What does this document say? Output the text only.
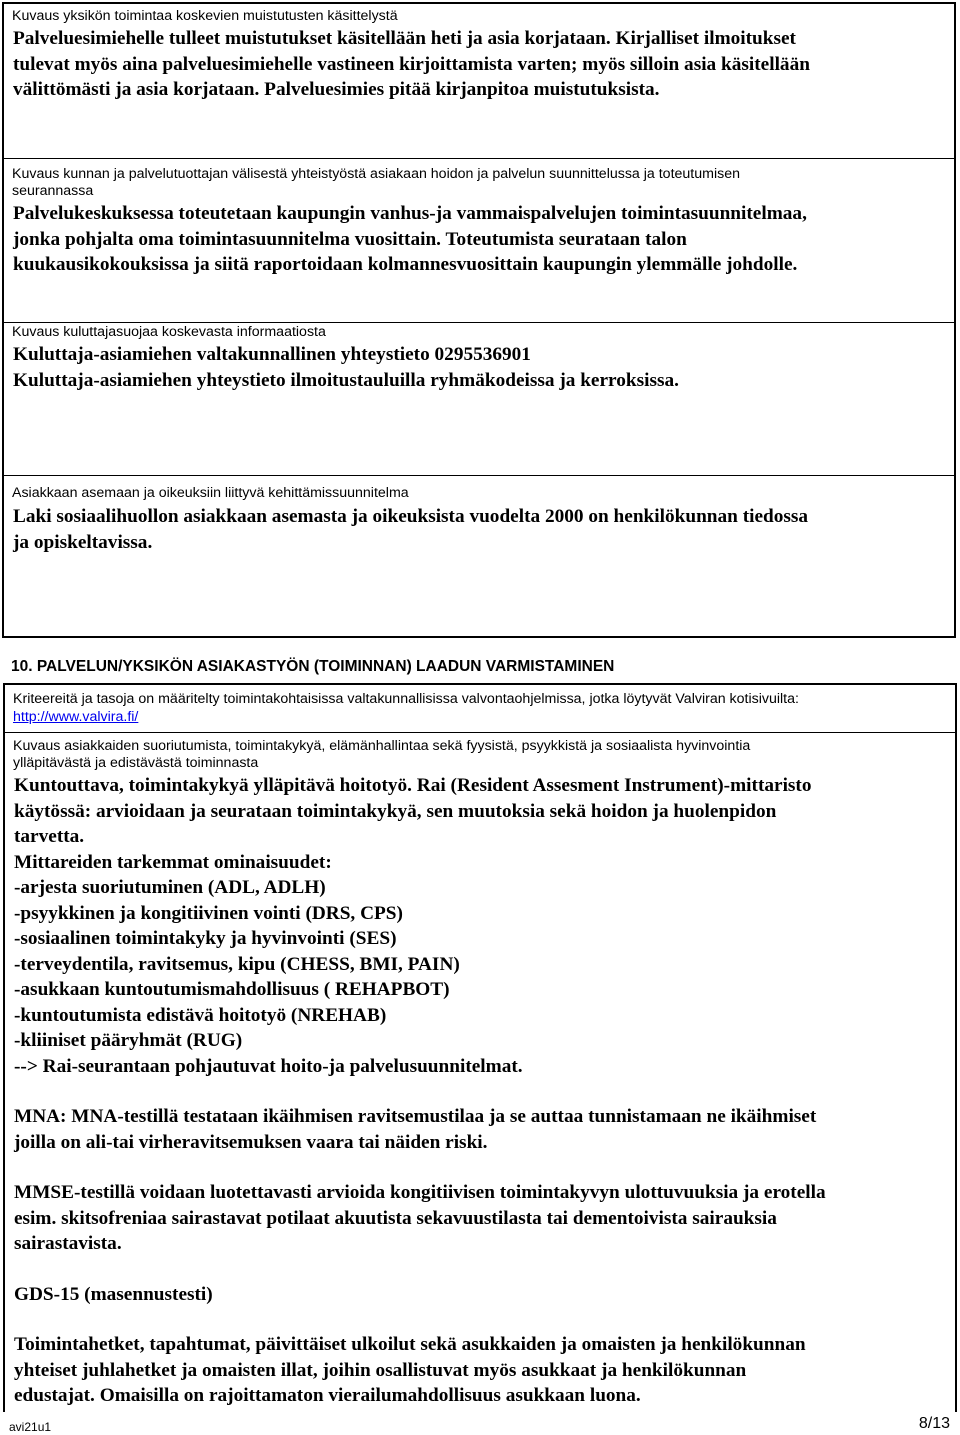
Kuvaus yksikön toimintaa koskevien muistutusten käsittelystä

Palveluesimiehelle tulleet muistutukset käsitellään heti ja asia korjataan. Kirjalliset ilmoitukset

tulevat myös aina palveluesimiehelle vastineen kirjoittamista varten; myös silloin asia käsitellään

välittömästi ja asia korjataan. Palveluesimies pitää kirjanpitoa muistutuksista.

Kuvaus kunnan ja palvelutuottajan välisestä yhteistyöstä asiakaan hoidon ja palvelun suunnittelussa ja toteutumisen
seurannassa

Palvelukeskuksessa toteutetaan kaupungin vanhus-ja vammaispalvelujen toimintasuunnitelmaa,

jonka pohjalta oma toimintasuunnitelma vuosittain. Toteutumista seurataan talon

kuukausikokouksissa ja siitä raportoidaan kolmannesvuosittain kaupungin ylemmälle johdolle.

Kuvaus kuluttajasuojaa koskevasta informaatiosta

Kuluttaja-asiamiehen valtakunnallinen yhteystieto 0295536901

Kuluttaja-asiamiehen yhteystieto ilmoitustauluilla ryhmäkodeissa ja kerroksissa.

Asiakkaan asemaan ja oikeuksiin liittyvä kehittämissuunnitelma

Laki sosiaalihuollon asiakkaan asemasta ja oikeuksista vuodelta 2000 on henkilökunnan tiedossa

ja opiskeltavissa.

10. PALVELUN/YKSIKÖN ASIAKASTYÖN (TOIMINNAN) LAADUN VARMISTAMINEN
Kriteereitä ja tasoja on määritelty toimintakohtaisissa valtakunnallisissa valvontaohjelmissa, jotka löytyvät Valviran kotisivuilta:
http://www.valvira.fi/
Kuvaus asiakkaiden suoriutumista, toimintakykyä, elämänhallintaa sekä fyysistä, psyykkistä ja sosiaalista hyvinvointia
ylläpitävästä ja edistävästä toiminnasta

Kuntouttava, toimintakykyä ylläpitävä hoitotyö. Rai (Resident Assesment Instrument)-mittaristo

käytössä: arvioidaan ja seurataan toimintakykyä, sen muutoksia sekä hoidon ja huolenpidon

tarvetta.

Mittareiden tarkemmat ominaisuudet:

-arjesta suoriutuminen (ADL, ADLH)

-psyykkinen ja kongitiivinen vointi (DRS, CPS)

-sosiaalinen toimintakyky ja hyvinvointi (SES)

-terveydentila, ravitsemus, kipu (CHESS, BMI, PAIN)

-asukkaan kuntoutumismahdollisuus ( REHAPBOT)

-kuntoutumista edistävä hoitotyö (NREHAB)

-kliiniset pääryhmät (RUG)

--> Rai-seurantaan pohjautuvat hoito-ja palvelusuunnitelmat.

MNA: MNA-testillä testataan ikäihmisen ravitsemustilaa ja se auttaa tunnistamaan ne ikäihmiset

joilla on ali-tai virheravitsemuksen vaara tai näiden riski.

MMSE-testillä voidaan luotettavasti arvioida kongitiivisen toimintakyvyn ulottuvuuksia ja erotella

esim. skitsofreniaa sairastavat potilaat akuutista sekavuustilasta tai dementoivista sairauksia

sairastavista.

GDS-15 (masennustesti)

Toimintahetket, tapahtumat, päivittäiset ulkoilut sekä asukkaiden ja omaisten ja henkilökunnan

yhteiset juhlahetket ja omaisten illat, joihin osallistuvat myös asukkaat ja henkilökunnan

edustajat. Omaisilla on rajoittamaton vierailumahdollisuus asukkaan luona.

avi21u1	8/13
